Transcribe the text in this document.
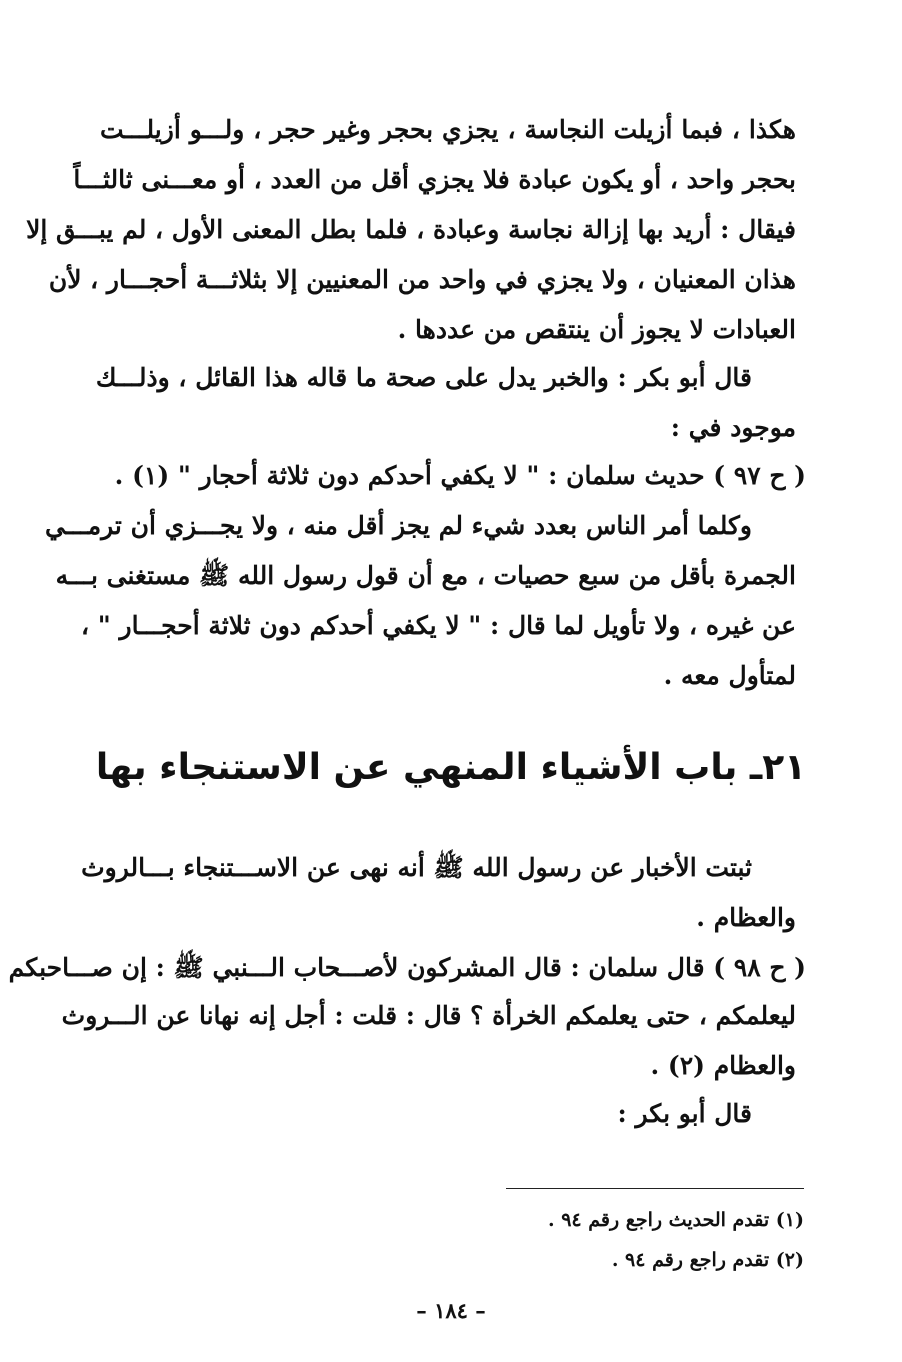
هكذا ، فبما أزيلت النجاسة ، يجزي بحجر وغير حجر ، ولـــو أزيلـــت
بحجر واحد ، أو يكون عبادة فلا يجزي أقل من العدد ، أو معـــنى ثالثـــاً
فيقال : أريد بها إزالة نجاسة وعبادة ، فلما بطل المعنى الأول ، لم يبـــق إلا
هذان المعنيان ، ولا يجزي في واحد من المعنيين إلا بثلاثـــة أحجـــار ، لأن
العبادات لا يجوز أن ينتقص من عددها .
قال أبو بكر : والخبر يدل على صحة ما قاله هذا القائل ، وذلـــك
موجود في :
( ح ٩٧ ) حديث سلمان : " لا يكفي أحدكم دون ثلاثة أحجار " (١) .
وكلما أمر الناس بعدد شيء لم يجز أقل منه ، ولا يجـــزي أن ترمـــي
الجمرة بأقل من سبع حصيات ، مع أن قول رسول الله ﷺ مستغنى بـــه
عن غيره ، ولا تأويل لما قال : " لا يكفي أحدكم دون ثلاثة أحجـــار " ،
لمتأول معه .
٢١ـ باب الأشياء المنهي عن الاستنجاء بها
ثبتت الأخبار عن رسول الله ﷺ أنه نهى عن الاســـتنجاء بـــالروث
والعظام .
( ح ٩٨ ) قال سلمان : قال المشركون لأصـــحاب الـــنبي ﷺ : إن صـــاحبكم
ليعلمكم ، حتى يعلمكم الخرأة ؟ قال : قلت : أجل إنه نهانا عن الـــروث
والعظام (٢) .
قال أبو بكر :
(١) تقدم الحديث راجع رقم ٩٤ .
(٢) تقدم راجع رقم ٩٤ .
– ١٨٤ –
